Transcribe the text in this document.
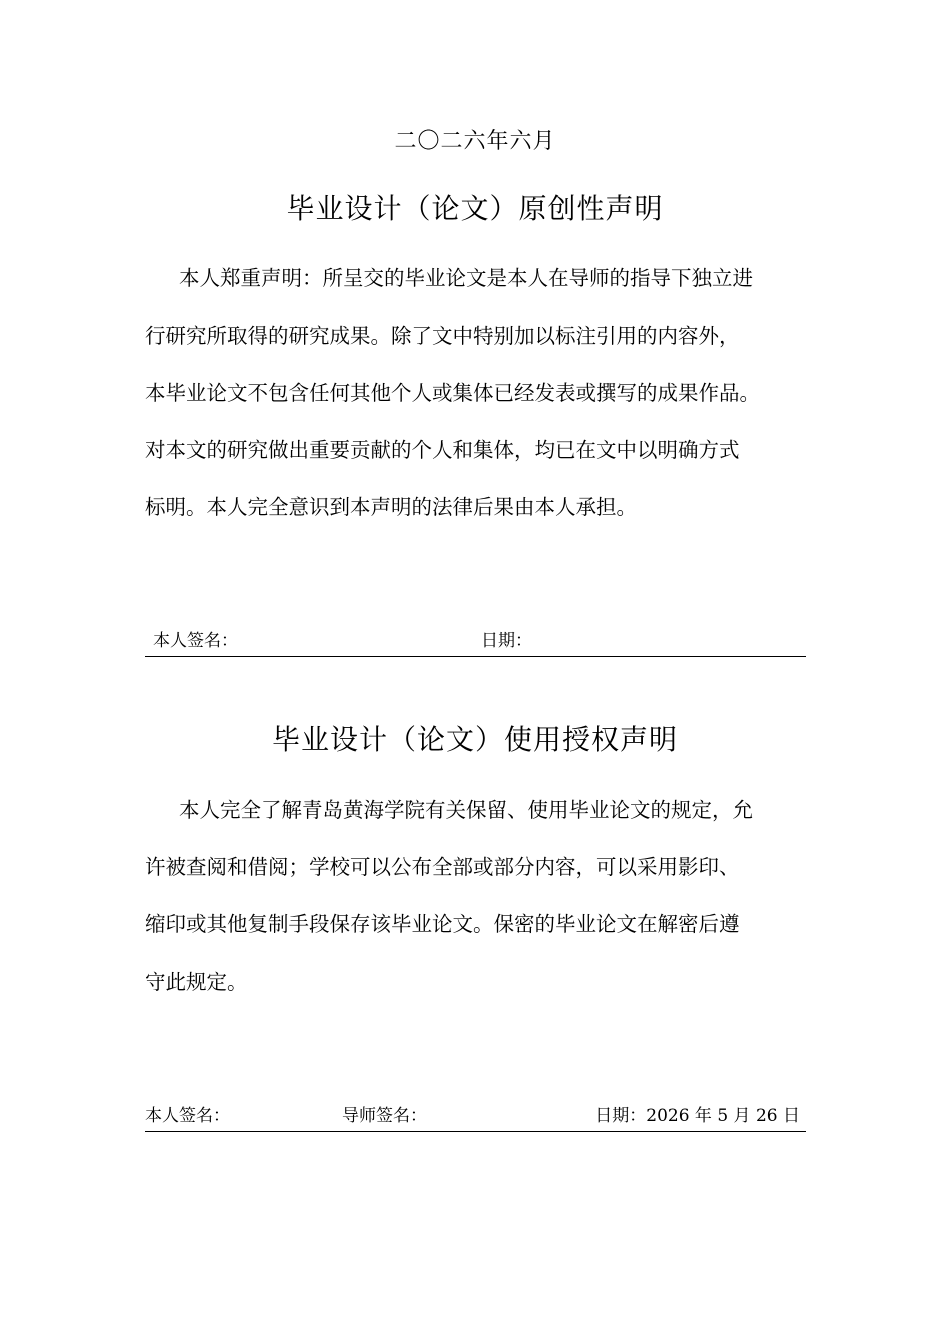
二〇二六年六月
毕业设计（论文）原创性声明
本人郑重声明：所呈交的毕业论文是本人在导师的指导下独立进
行研究所取得的研究成果。除了文中特别加以标注引用的内容外，
本毕业论文不包含任何其他个人或集体已经发表或撰写的成果作品。
对本文的研究做出重要贡献的个人和集体，均已在文中以明确方式
标明。本人完全意识到本声明的法律后果由本人承担。
本人签名：	日期：
毕业设计（论文）使用授权声明
本人完全了解青岛黄海学院有关保留、使用毕业论文的规定，允
许被查阅和借阅；学校可以公布全部或部分内容，可以采用影印、
缩印或其他复制手段保存该毕业论文。保密的毕业论文在解密后遵
守此规定。
本人签名：	导师签名：	日期：2026 年 5 月 26 日
